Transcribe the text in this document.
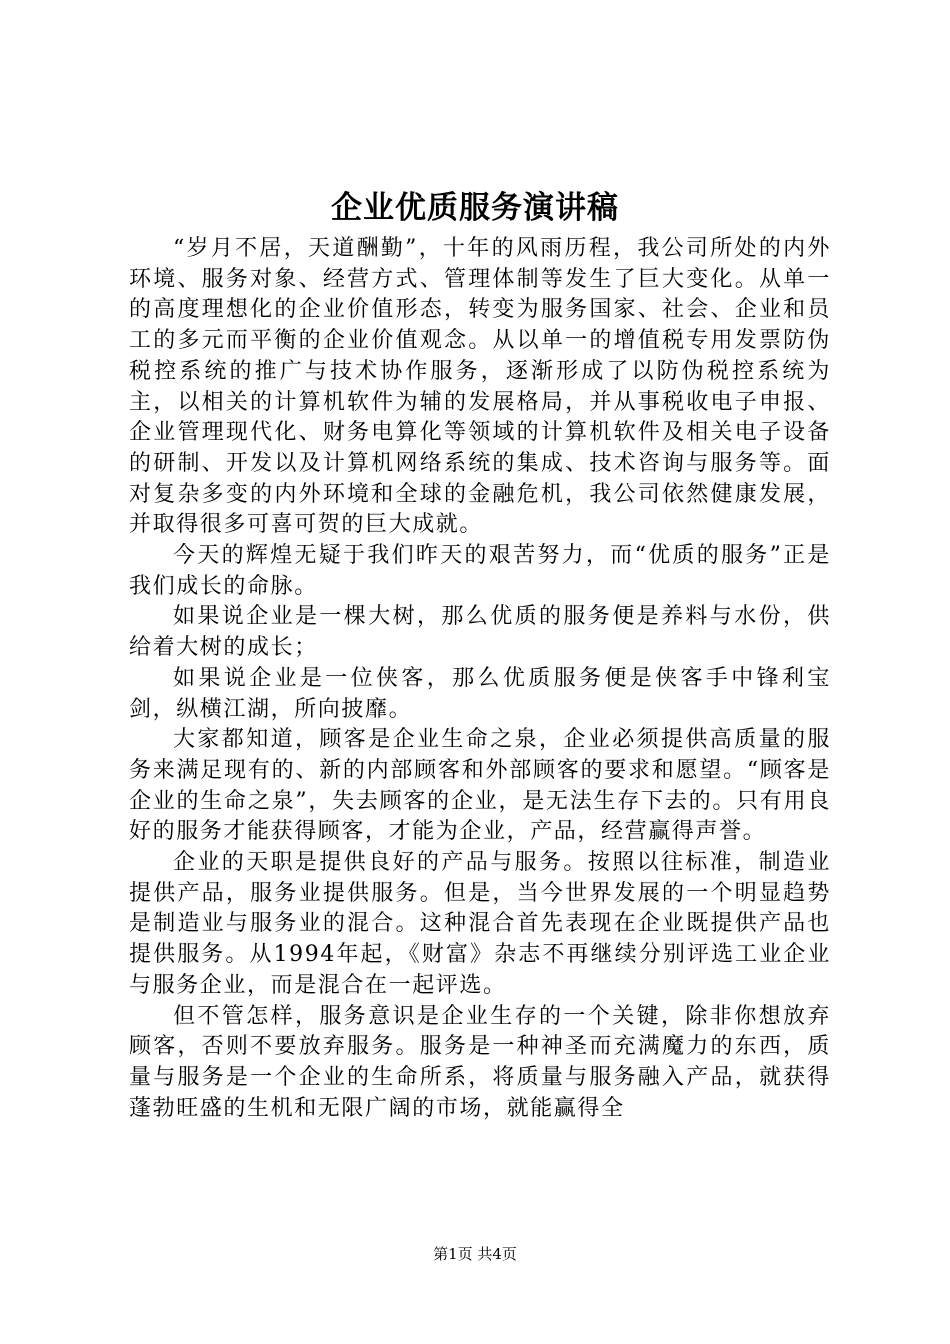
企业优质服务演讲稿

“岁月不居，天道酬勤”，十年的风雨历程，我公司所处的内外环境、服务对象、经营方式、管理体制等发生了巨大变化。从单一的高度理想化的企业价值形态，转变为服务国家、社会、企业和员工的多元而平衡的企业价值观念。从以单一的增值税专用发票防伪税控系统的推广与技术协作服务，逐渐形成了以防伪税控系统为主，以相关的计算机软件为辅的发展格局，并从事税收电子申报、企业管理现代化、财务电算化等领域的计算机软件及相关电子设备的研制、开发以及计算机网络系统的集成、技术咨询与服务等。面对复杂多变的内外环境和全球的金融危机，我公司依然健康发展，并取得很多可喜可贺的巨大成就。

今天的辉煌无疑于我们昨天的艰苦努力，而“优质的服务”正是我们成长的命脉。

如果说企业是一棵大树，那么优质的服务便是养料与水份，供给着大树的成长；

如果说企业是一位侠客，那么优质服务便是侠客手中锋利宝剑，纵横江湖，所向披靡。

大家都知道，顾客是企业生命之泉，企业必须提供高质量的服务来满足现有的、新的内部顾客和外部顾客的要求和愿望。“顾客是企业的生命之泉”，失去顾客的企业，是无法生存下去的。只有用良好的服务才能获得顾客，才能为企业，产品，经营赢得声誉。

企业的天职是提供良好的产品与服务。按照以往标准，制造业提供产品，服务业提供服务。但是，当今世界发展的一个明显趋势是制造业与服务业的混合。这种混合首先表现在企业既提供产品也提供服务。从1994年起，《财富》杂志不再继续分别评选工业企业与服务企业，而是混合在一起评选。

但不管怎样，服务意识是企业生存的一个关键，除非你想放弃顾客，否则不要放弃服务。服务是一种神圣而充满魔力的东西，质量与服务是一个企业的生命所系，将质量与服务融入产品，就获得蓬勃旺盛的生机和无限广阔的市场，就能赢得全

第1页 共4页
